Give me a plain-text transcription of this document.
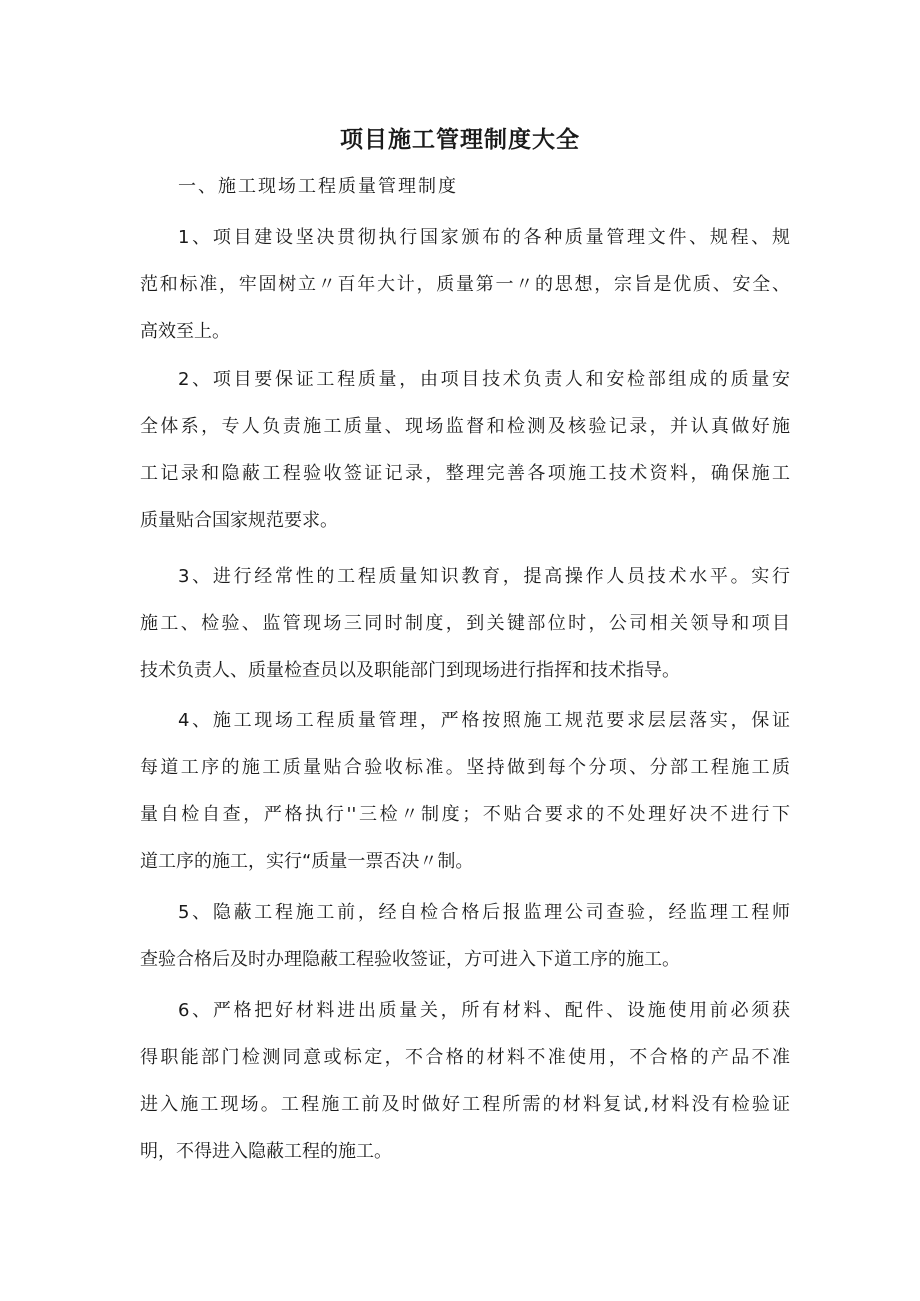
项目施工管理制度大全
一、施工现场工程质量管理制度
1、项目建设坚决贯彻执行国家颁布的各种质量管理文件、规程、规
范和标准，牢固树立〃百年大计，质量第一〃的思想，宗旨是优质、安全、
高效至上。
2、项目要保证工程质量，由项目技术负责人和安检部组成的质量安
全体系，专人负责施工质量、现场监督和检测及核验记录，并认真做好施
工记录和隐蔽工程验收签证记录，整理完善各项施工技术资料，确保施工
质量贴合国家规范要求。
3、进行经常性的工程质量知识教育，提高操作人员技术水平。实行
施工、检验、监管现场三同时制度，到关键部位时，公司相关领导和项目
技术负责人、质量检查员以及职能部门到现场进行指挥和技术指导。
4、施工现场工程质量管理，严格按照施工规范要求层层落实，保证
每道工序的施工质量贴合验收标准。坚持做到每个分项、分部工程施工质
量自检自查，严格执行''三检〃制度；不贴合要求的不处理好决不进行下
道工序的施工，实行“质量一票否决〃制。
5、隐蔽工程施工前，经自检合格后报监理公司查验，经监理工程师
查验合格后及时办理隐蔽工程验收签证，方可进入下道工序的施工。
6、严格把好材料进出质量关，所有材料、配件、设施使用前必须获
得职能部门检测同意或标定，不合格的材料不准使用，不合格的产品不准
进入施工现场。工程施工前及时做好工程所需的材料复试,材料没有检验证
明，不得进入隐蔽工程的施工。
